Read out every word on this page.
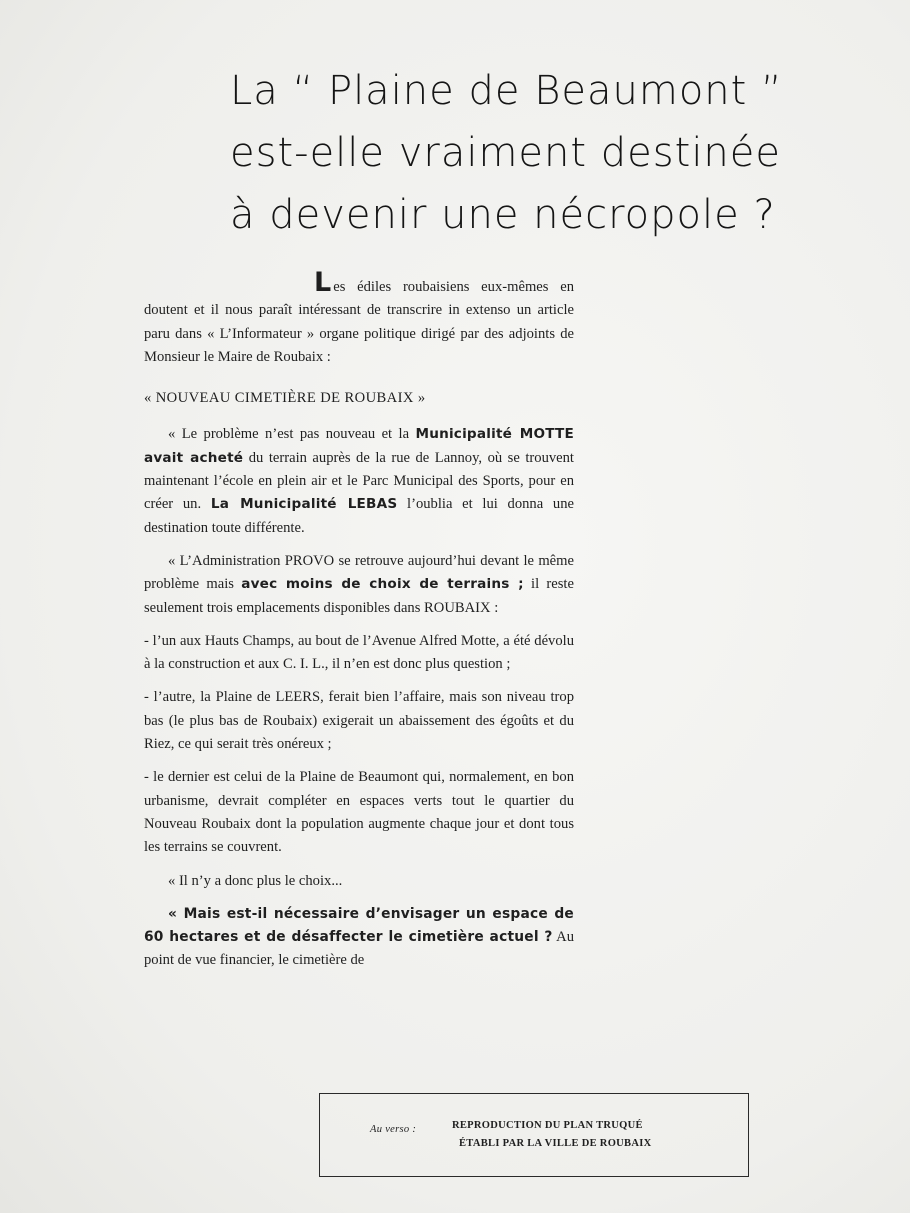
La “ Plaine de Beaumont ”
est-elle vraiment destinée
à devenir une nécropole ?

Les édiles roubaisiens eux-mêmes en doutent et il nous paraît intéressant de transcrire in extenso un article paru dans « L’Informateur » organe politique dirigé par des adjoints de Monsieur le Maire de Roubaix :

« NOUVEAU CIMETIÈRE DE ROUBAIX »

« Le problème n’est pas nouveau et la Municipalité MOTTE avait acheté du terrain auprès de la rue de Lannoy, où se trouvent maintenant l’école en plein air et le Parc Municipal des Sports, pour en créer un. La Municipalité LEBAS l’oublia et lui donna une destination toute différente.

« L’Administration PROVO se retrouve aujourd’hui devant le même problème mais avec moins de choix de terrains ; il reste seulement trois emplacements disponibles dans ROUBAIX :

- l’un aux Hauts Champs, au bout de l’Avenue Alfred Motte, a été dévolu à la construction et aux C. I. L., il n’en est donc plus question ;

- l’autre, la Plaine de LEERS, ferait bien l’affaire, mais son niveau trop bas (le plus bas de Roubaix) exigerait un abaissement des égoûts et du Riez, ce qui serait très onéreux ;

- le dernier est celui de la Plaine de Beaumont qui, normalement, en bon urbanisme, devrait compléter en espaces verts tout le quartier du Nouveau Roubaix dont la population augmente chaque jour et dont tous les terrains se couvrent.

« Il n’y a donc plus le choix...

« Mais est-il nécessaire d’envisager un espace de 60 hectares et de désaffecter le cimetière actuel ? Au point de vue financier, le cimetière de

Au verso :	REPRODUCTION DU PLAN TRUQUÉ
ÉTABLI PAR LA VILLE DE ROUBAIX
